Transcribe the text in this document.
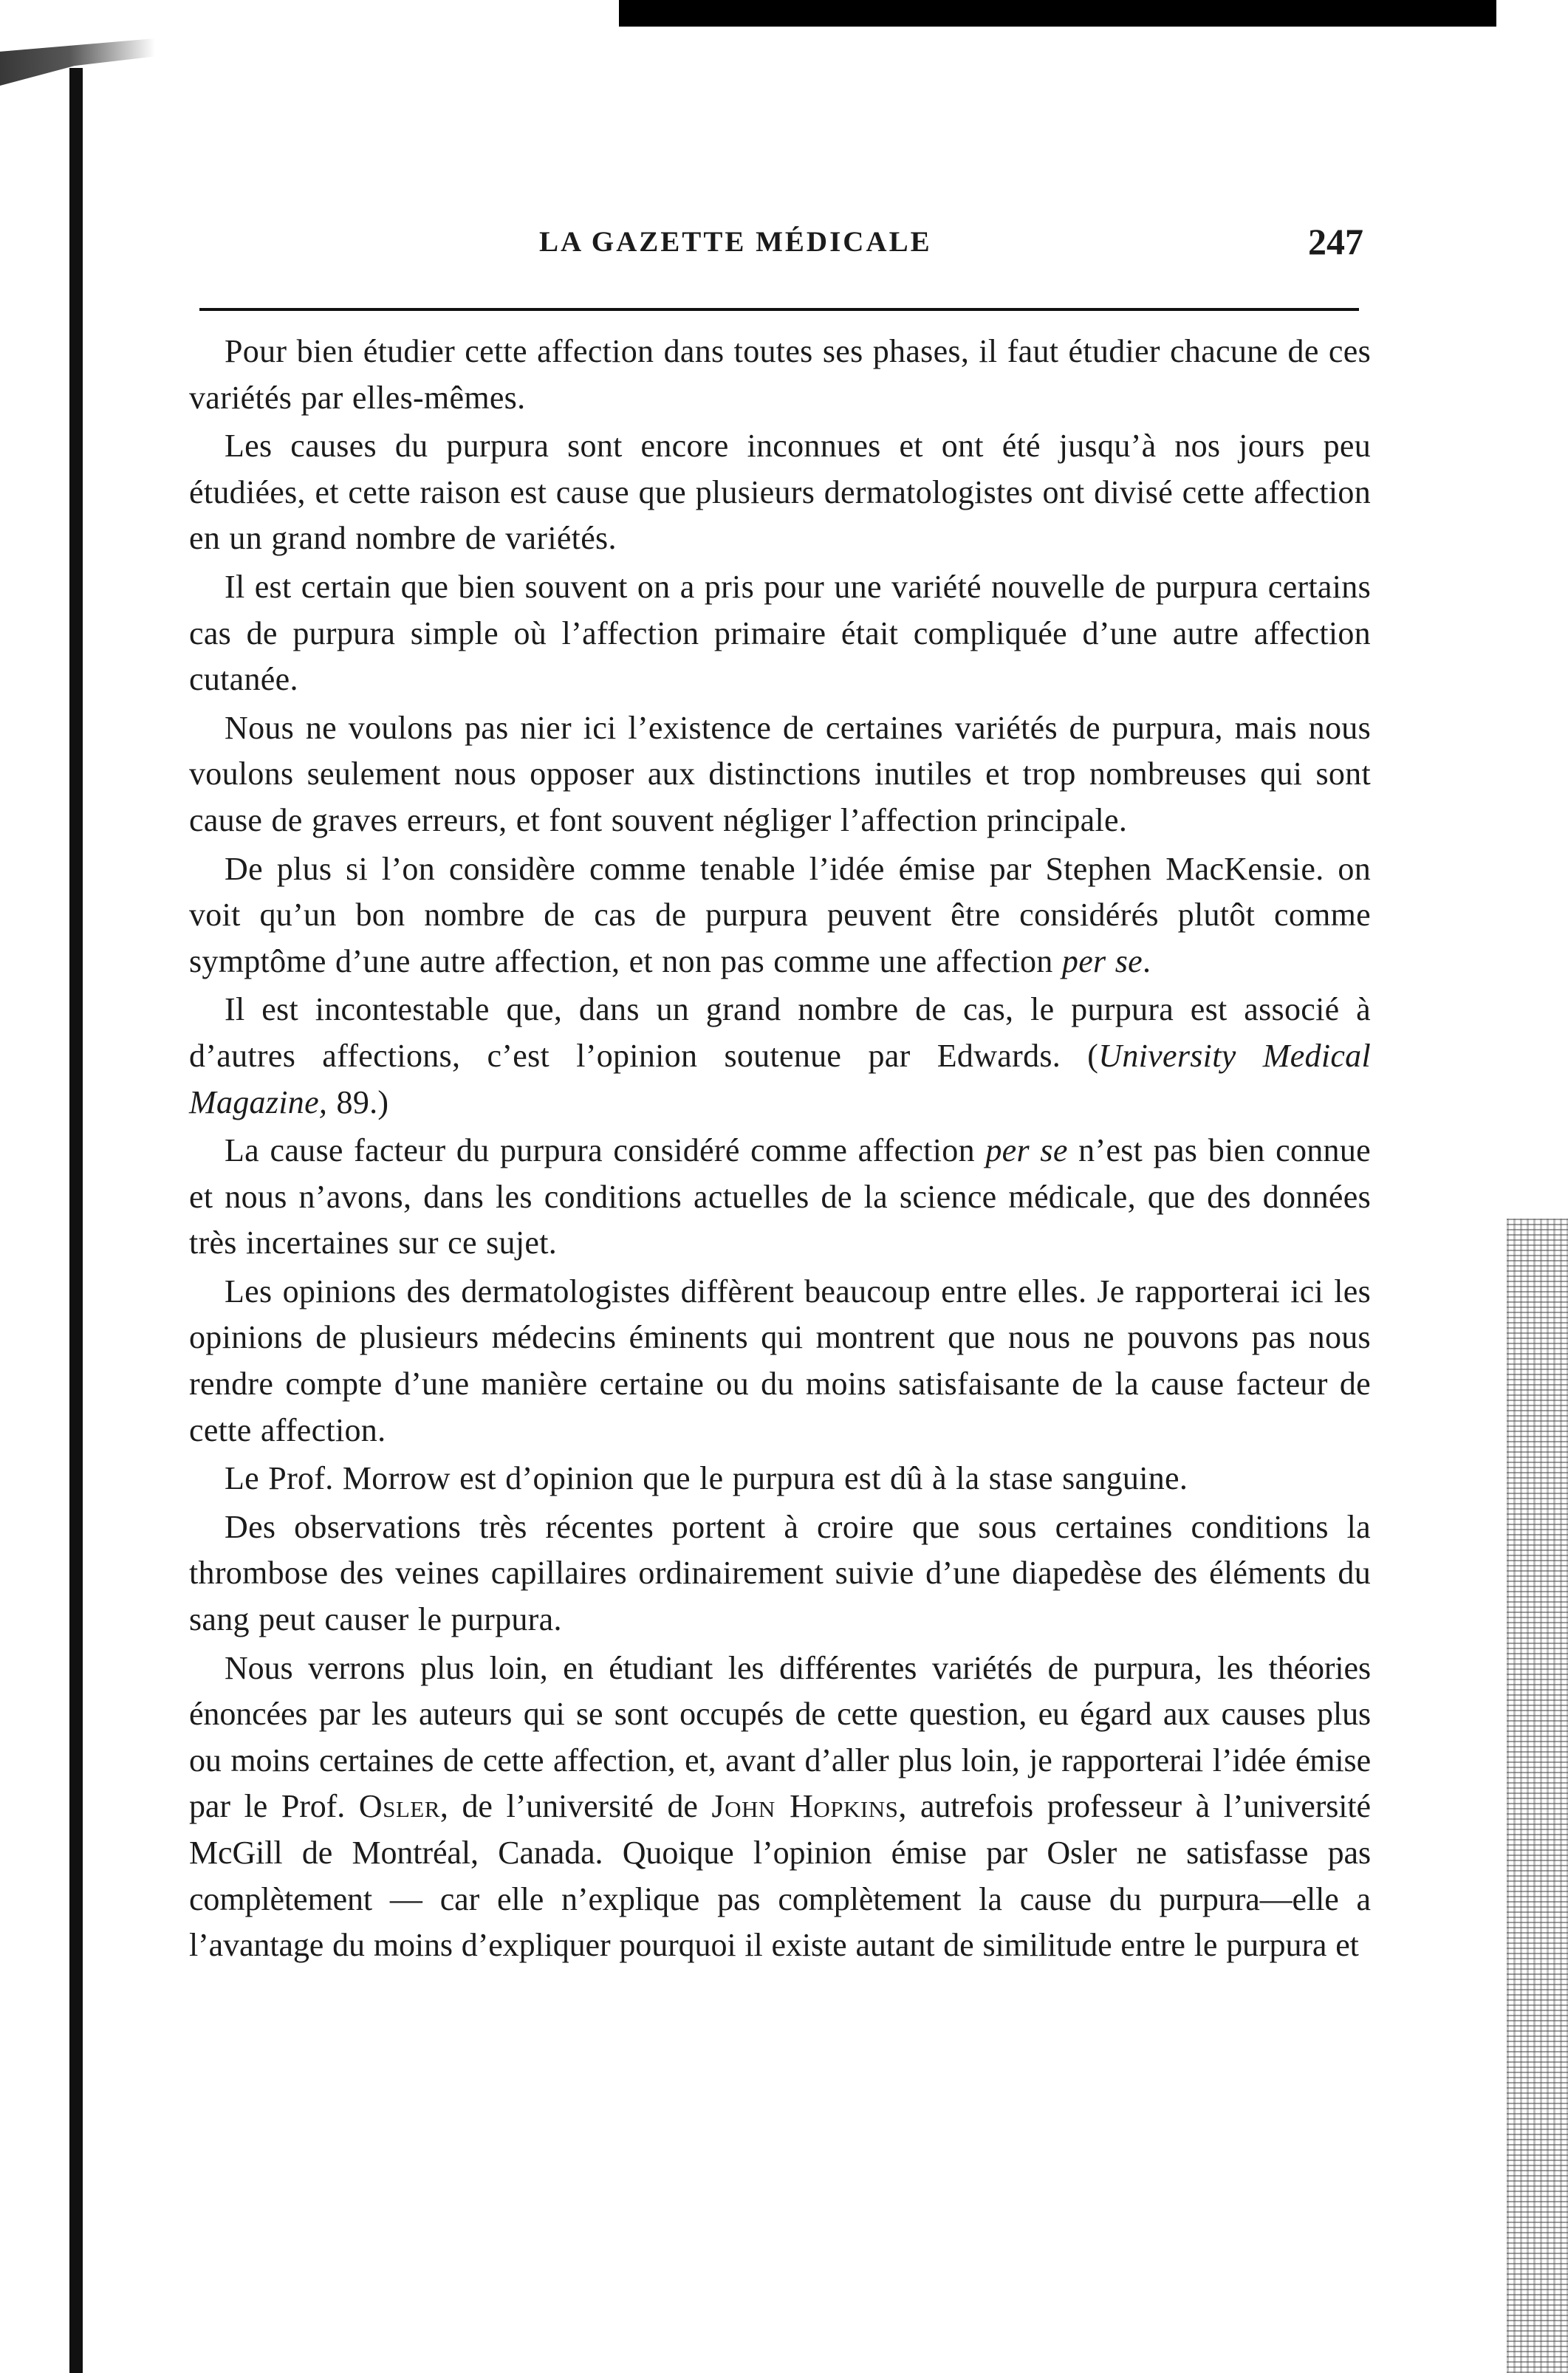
LA GAZETTE MÉDICALE	247

Pour bien étudier cette affection dans toutes ses phases, il faut étudier chacune de ces variétés par elles-mêmes.

Les causes du purpura sont encore inconnues et ont été jusqu’à nos jours peu étudiées, et cette raison est cause que plusieurs dermatologistes ont divisé cette affection en un grand nombre de variétés.

Il est certain que bien souvent on a pris pour une variété nouvelle de purpura certains cas de purpura simple où l’affection primaire était compliquée d’une autre affection cutanée.

Nous ne voulons pas nier ici l’existence de certaines variétés de purpura, mais nous voulons seulement nous opposer aux distinctions inutiles et trop nombreuses qui sont cause de graves erreurs, et font souvent négliger l’affection principale.

De plus si l’on considère comme tenable l’idée émise par Stephen MacKensie. on voit qu’un bon nombre de cas de purpura peuvent être considérés plutôt comme symptôme d’une autre affection, et non pas comme une affection per se.

Il est incontestable que, dans un grand nombre de cas, le purpura est associé à d’autres affections, c’est l’opinion soutenue par Edwards. (University Medical Magazine, 89.)

La cause facteur du purpura considéré comme affection per se n’est pas bien connue et nous n’avons, dans les conditions actuelles de la science médicale, que des données très incertaines sur ce sujet.

Les opinions des dermatologistes diffèrent beaucoup entre elles. Je rapporterai ici les opinions de plusieurs médecins éminents qui montrent que nous ne pouvons pas nous rendre compte d’une manière certaine ou du moins satisfaisante de la cause facteur de cette affection.

Le Prof. Morrow est d’opinion que le purpura est dû à la stase sanguine.

Des observations très récentes portent à croire que sous certaines conditions la thrombose des veines capillaires ordinairement suivie d’une diapedèse des éléments du sang peut causer le purpura.

Nous verrons plus loin, en étudiant les différentes variétés de purpura, les théories énoncées par les auteurs qui se sont occupés de cette question, eu égard aux causes plus ou moins certaines de cette affection, et, avant d’aller plus loin, je rapporterai l’idée émise par le Prof. Osler, de l’université de John Hopkins, autrefois professeur à l’université McGill de Montréal, Canada. Quoique l’opinion émise par Osler ne satisfasse pas complètement — car elle n’explique pas complètement la cause du purpura—elle a l’avantage du moins d’expliquer pourquoi il existe autant de similitude entre le purpura et
